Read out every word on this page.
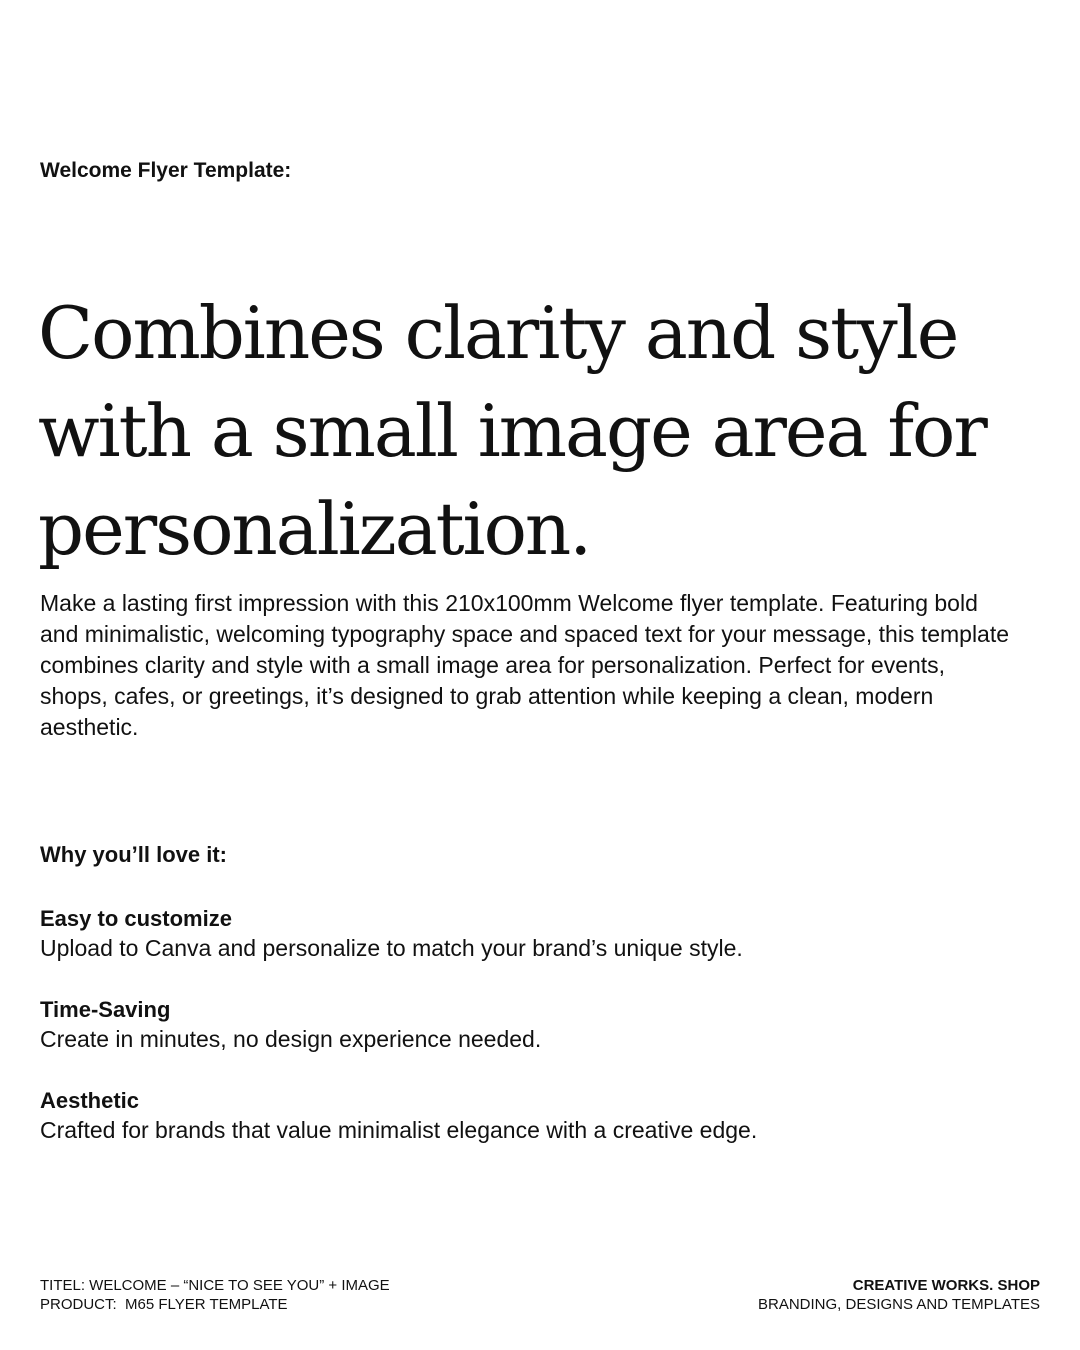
Welcome Flyer Template:
Combines clarity and style with a small image area for personalization.

Make a lasting first impression with this 210x100mm Welcome flyer template. Featuring bold and minimalistic, welcoming typography space and spaced text for your message, this template combines clarity and style with a small image area for personalization. Perfect for events, shops, cafes, or greetings, it’s designed to grab attention while keeping a clean, modern aesthetic.

Why you’ll love it:
Easy to customize
Upload to Canva and personalize to match your brand’s unique style.
Time-Saving
Create in minutes, no design experience needed.
Aesthetic
Crafted for brands that value minimalist elegance with a creative edge.
TITEL: WELCOME – “NICE TO SEE YOU” + IMAGE
PRODUCT:  M65 FLYER TEMPLATE
CREATIVE WORKS. SHOP
BRANDING, DESIGNS AND TEMPLATES
